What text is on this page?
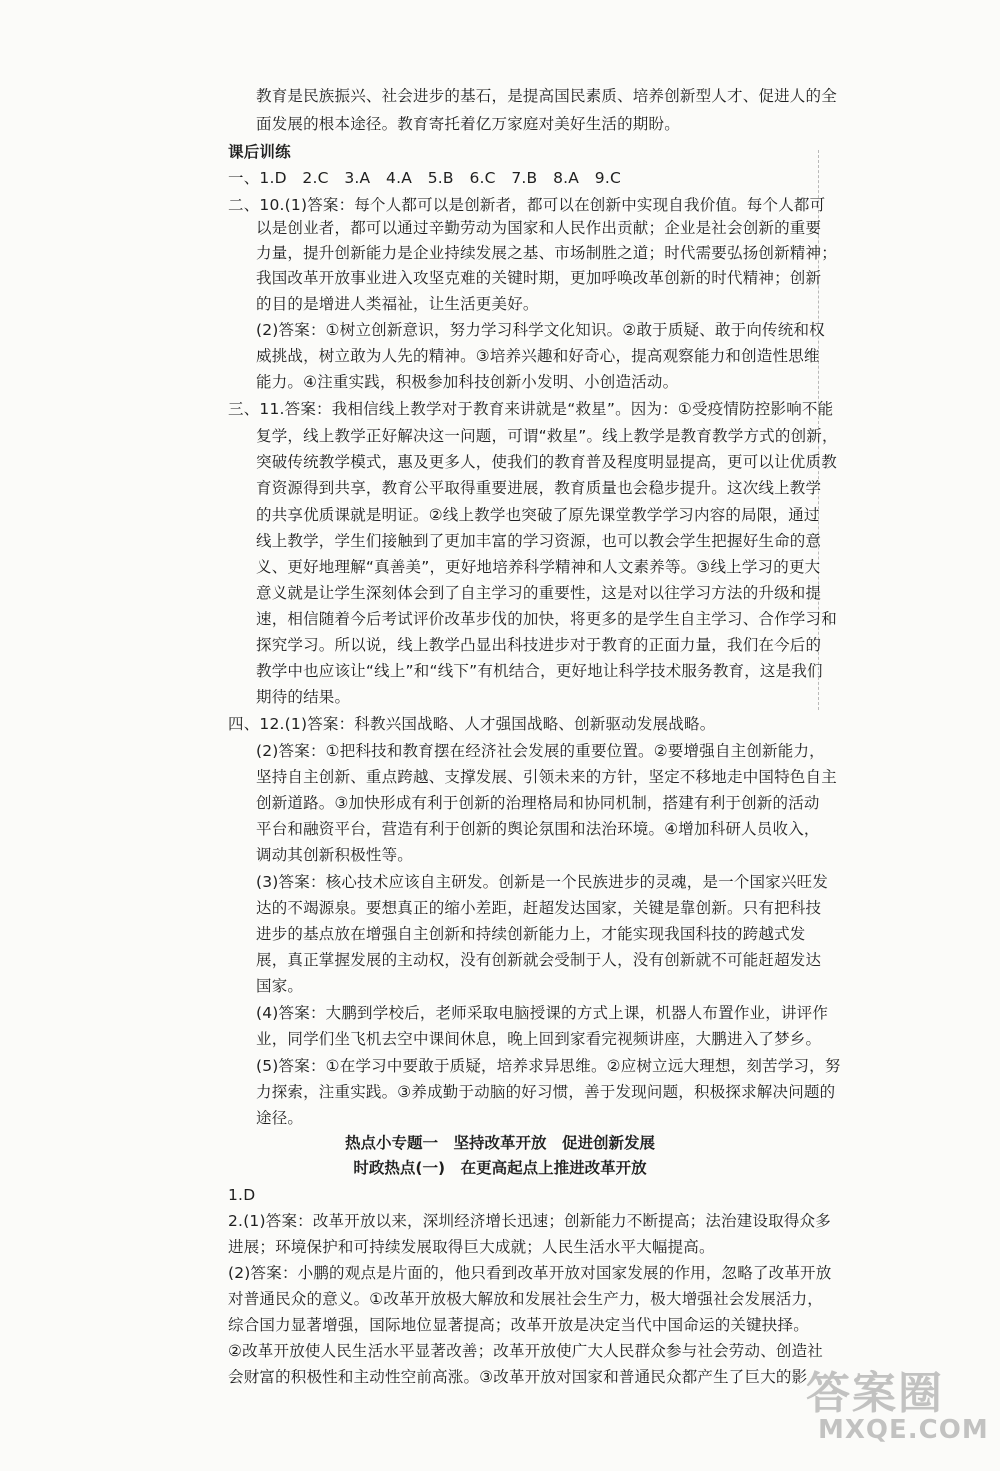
教育是民族振兴、社会进步的基石，是提高国民素质、培养创新型人才、促进人的全
面发展的根本途径。教育寄托着亿万家庭对美好生活的期盼。
课后训练
一、1.D　2.C　3.A　4.A　5.B　6.C　7.B　8.A　9.C
二、10.(1)答案：每个人都可以是创新者，都可以在创新中实现自我价值。每个人都可
以是创业者，都可以通过辛勤劳动为国家和人民作出贡献；企业是社会创新的重要
力量，提升创新能力是企业持续发展之基、市场制胜之道；时代需要弘扬创新精神；
我国改革开放事业进入攻坚克难的关键时期，更加呼唤改革创新的时代精神；创新
的目的是增进人类福祉，让生活更美好。
(2)答案：①树立创新意识，努力学习科学文化知识。②敢于质疑、敢于向传统和权
威挑战，树立敢为人先的精神。③培养兴趣和好奇心，提高观察能力和创造性思维
能力。④注重实践，积极参加科技创新小发明、小创造活动。
三、11.答案：我相信线上教学对于教育来讲就是“救星”。因为：①受疫情防控影响不能
复学，线上教学正好解决这一问题，可谓“救星”。线上教学是教育教学方式的创新，
突破传统教学模式，惠及更多人，使我们的教育普及程度明显提高，更可以让优质教
育资源得到共享，教育公平取得重要进展，教育质量也会稳步提升。这次线上教学
的共享优质课就是明证。②线上教学也突破了原先课堂教学学习内容的局限，通过
线上教学，学生们接触到了更加丰富的学习资源，也可以教会学生把握好生命的意
义、更好地理解“真善美”，更好地培养科学精神和人文素养等。③线上学习的更大
意义就是让学生深刻体会到了自主学习的重要性，这是对以往学习方法的升级和提
速，相信随着今后考试评价改革步伐的加快，将更多的是学生自主学习、合作学习和
探究学习。所以说，线上教学凸显出科技进步对于教育的正面力量，我们在今后的
教学中也应该让“线上”和“线下”有机结合，更好地让科学技术服务教育，这是我们
期待的结果。
四、12.(1)答案：科教兴国战略、人才强国战略、创新驱动发展战略。
(2)答案：①把科技和教育摆在经济社会发展的重要位置。②要增强自主创新能力，
坚持自主创新、重点跨越、支撑发展、引领未来的方针，坚定不移地走中国特色自主
创新道路。③加快形成有利于创新的治理格局和协同机制，搭建有利于创新的活动
平台和融资平台，营造有利于创新的舆论氛围和法治环境。④增加科研人员收入，
调动其创新积极性等。
(3)答案：核心技术应该自主研发。创新是一个民族进步的灵魂，是一个国家兴旺发
达的不竭源泉。要想真正的缩小差距，赶超发达国家，关键是靠创新。只有把科技
进步的基点放在增强自主创新和持续创新能力上，才能实现我国科技的跨越式发
展，真正掌握发展的主动权，没有创新就会受制于人，没有创新就不可能赶超发达
国家。
(4)答案：大鹏到学校后，老师采取电脑授课的方式上课，机器人布置作业，讲评作
业，同学们坐飞机去空中课间休息，晚上回到家看完视频讲座，大鹏进入了梦乡。
(5)答案：①在学习中要敢于质疑，培养求异思维。②应树立远大理想，刻苦学习，努
力探索，注重实践。③养成勤于动脑的好习惯，善于发现问题，积极探求解决问题的
途径。
热点小专题一　坚持改革开放　促进创新发展
时政热点(一)　在更高起点上推进改革开放
1.D
2.(1)答案：改革开放以来，深圳经济增长迅速；创新能力不断提高；法治建设取得众多
进展；环境保护和可持续发展取得巨大成就；人民生活水平大幅提高。
(2)答案：小鹏的观点是片面的，他只看到改革开放对国家发展的作用，忽略了改革开放
对普通民众的意义。①改革开放极大解放和发展社会生产力，极大增强社会发展活力，
综合国力显著增强，国际地位显著提高；改革开放是决定当代中国命运的关键抉择。
②改革开放使人民生活水平显著改善；改革开放使广大人民群众参与社会劳动、创造社
会财富的积极性和主动性空前高涨。③改革开放对国家和普通民众都产生了巨大的影
答案圈
MXQE.COM
